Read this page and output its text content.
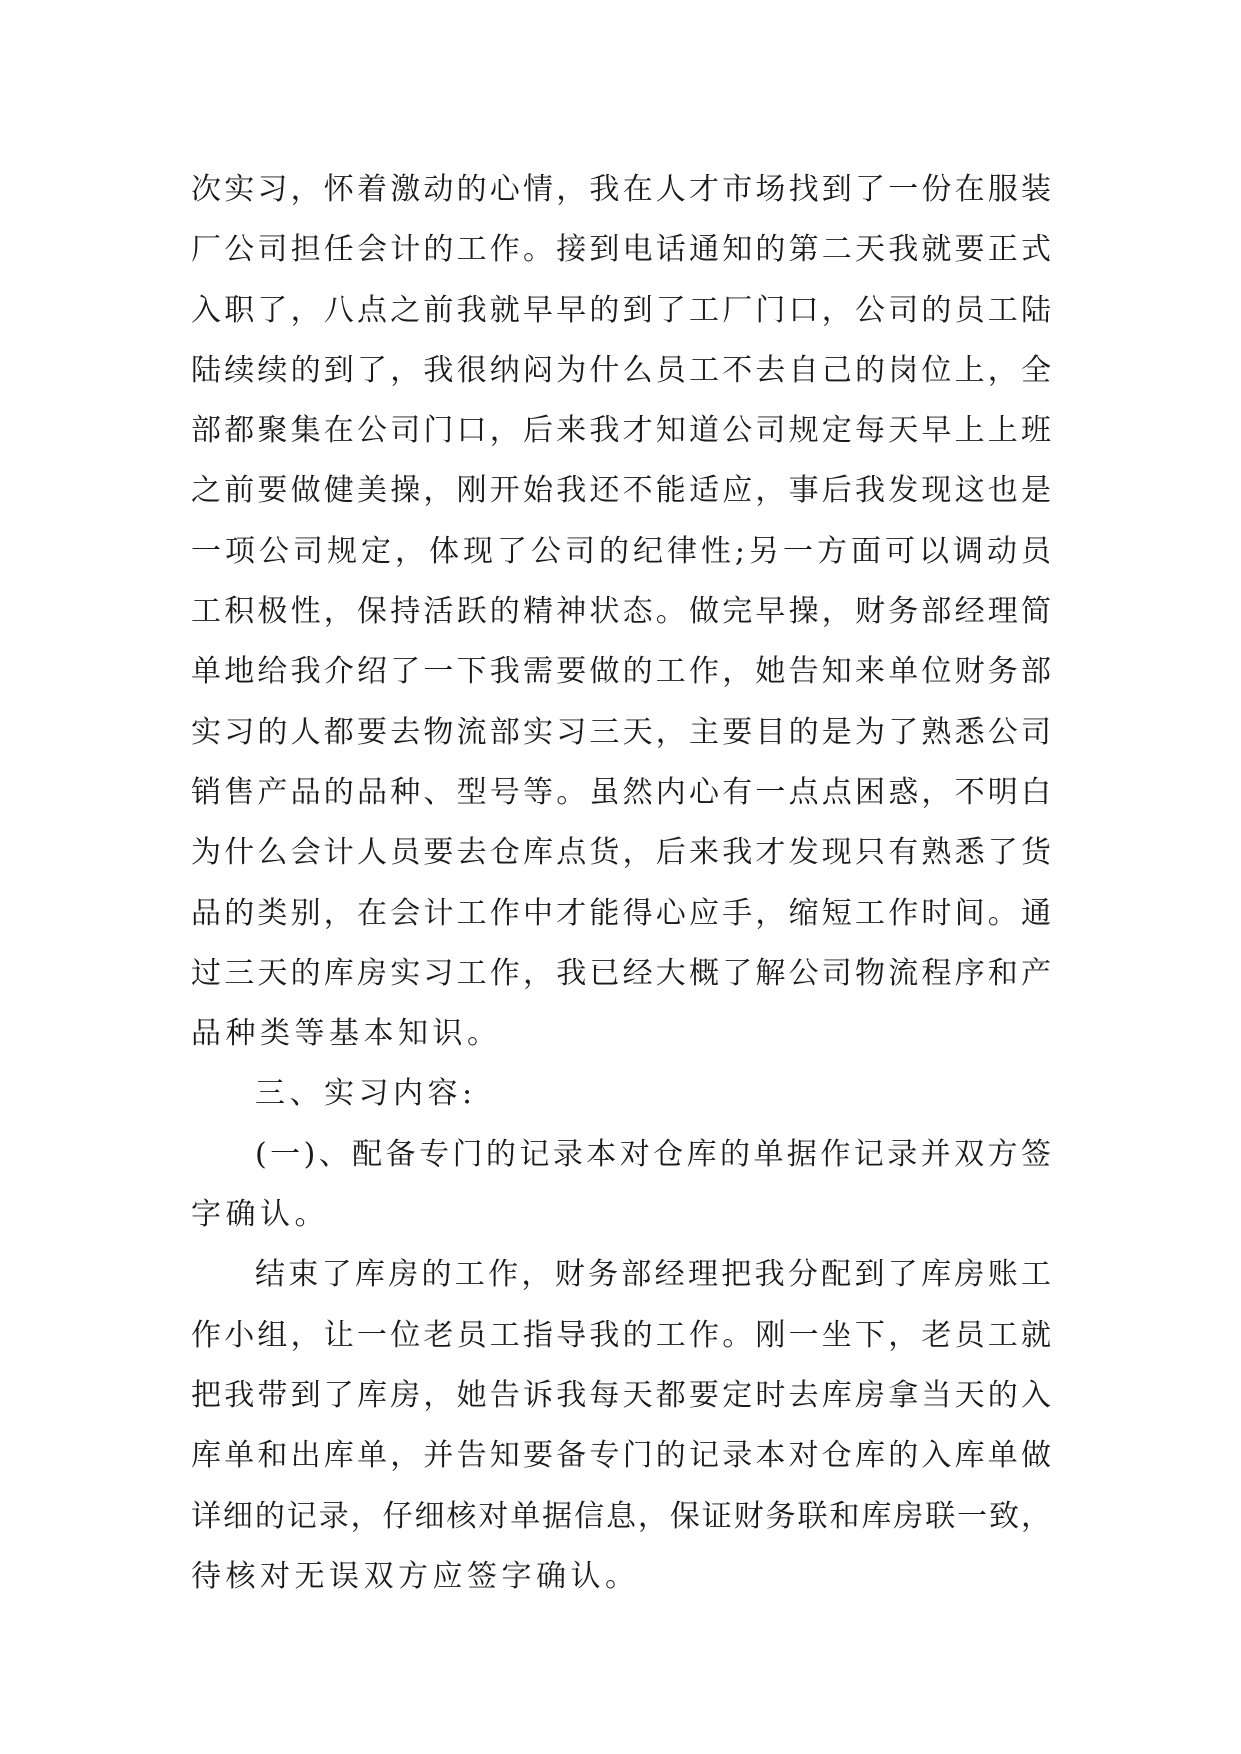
次实习，怀着激动的心情，我在人才市场找到了一份在服装
厂公司担任会计的工作。接到电话通知的第二天我就要正式
入职了，八点之前我就早早的到了工厂门口，公司的员工陆
陆续续的到了，我很纳闷为什么员工不去自己的岗位上，全
部都聚集在公司门口，后来我才知道公司规定每天早上上班
之前要做健美操，刚开始我还不能适应，事后我发现这也是
一项公司规定，体现了公司的纪律性;另一方面可以调动员
工积极性，保持活跃的精神状态。做完早操，财务部经理简
单地给我介绍了一下我需要做的工作，她告知来单位财务部
实习的人都要去物流部实习三天，主要目的是为了熟悉公司
销售产品的品种、型号等。虽然内心有一点点困惑，不明白
为什么会计人员要去仓库点货，后来我才发现只有熟悉了货
品的类别，在会计工作中才能得心应手，缩短工作时间。通
过三天的库房实习工作，我已经大概了解公司物流程序和产
品种类等基本知识。
三、实习内容:
(一)、配备专门的记录本对仓库的单据作记录并双方签
字确认。
结束了库房的工作，财务部经理把我分配到了库房账工
作小组，让一位老员工指导我的工作。刚一坐下，老员工就
把我带到了库房，她告诉我每天都要定时去库房拿当天的入
库单和出库单，并告知要备专门的记录本对仓库的入库单做
详细的记录，仔细核对单据信息，保证财务联和库房联一致，
待核对无误双方应签字确认。
